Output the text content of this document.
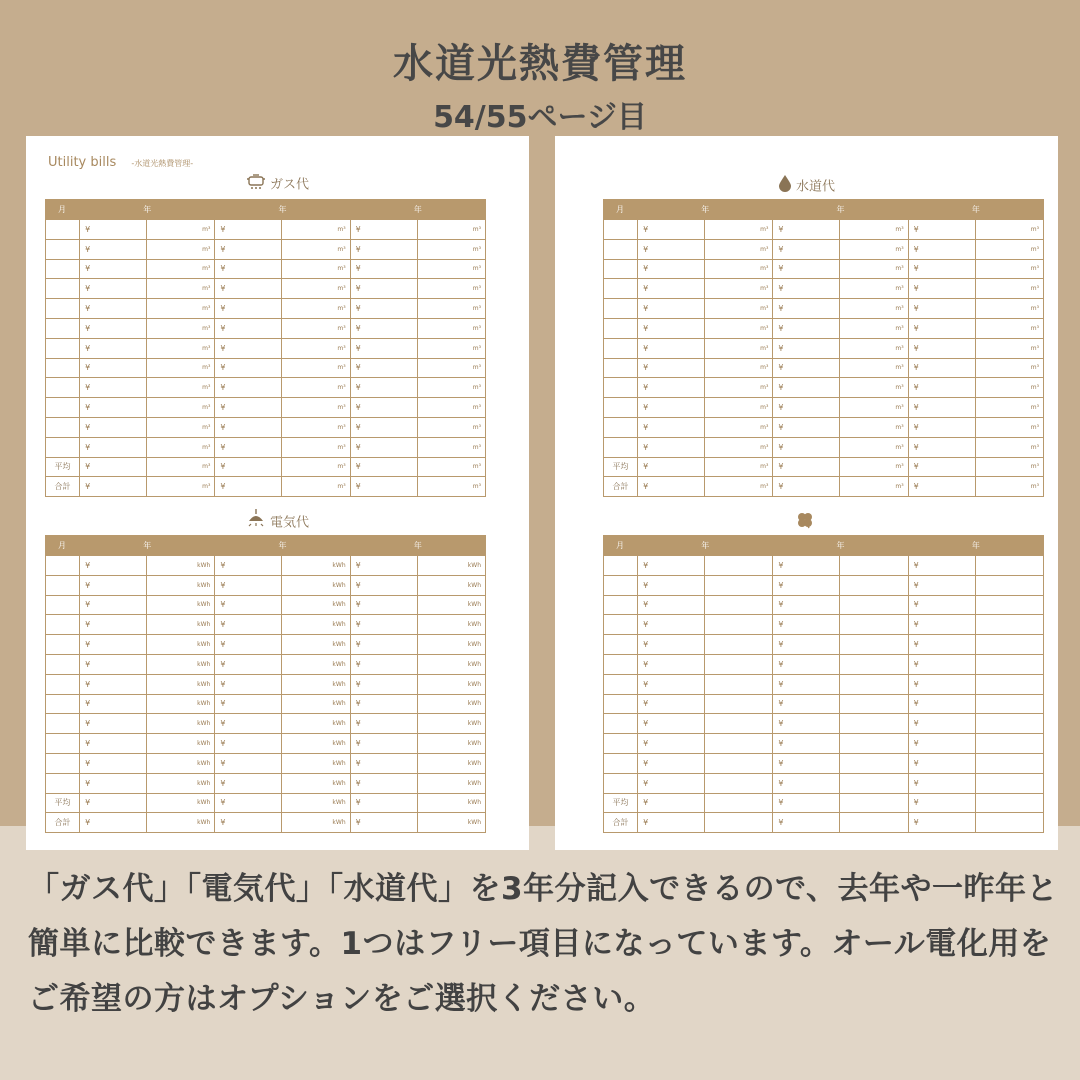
水道光熱費管理
54/55ページ目
Utility bills -水道光熱費管理-
ガス代
月	年		年		年	
	¥	m³	¥	m³	¥	m³
	¥	m³	¥	m³	¥	m³
	¥	m³	¥	m³	¥	m³
	¥	m³	¥	m³	¥	m³
	¥	m³	¥	m³	¥	m³
	¥	m³	¥	m³	¥	m³
	¥	m³	¥	m³	¥	m³
	¥	m³	¥	m³	¥	m³
	¥	m³	¥	m³	¥	m³
	¥	m³	¥	m³	¥	m³
	¥	m³	¥	m³	¥	m³
	¥	m³	¥	m³	¥	m³
平均	¥	m³	¥	m³	¥	m³
合計	¥	m³	¥	m³	¥	m³
電気代
月	年		年		年	
	¥	kWh	¥	kWh	¥	kWh
	¥	kWh	¥	kWh	¥	kWh
	¥	kWh	¥	kWh	¥	kWh
	¥	kWh	¥	kWh	¥	kWh
	¥	kWh	¥	kWh	¥	kWh
	¥	kWh	¥	kWh	¥	kWh
	¥	kWh	¥	kWh	¥	kWh
	¥	kWh	¥	kWh	¥	kWh
	¥	kWh	¥	kWh	¥	kWh
	¥	kWh	¥	kWh	¥	kWh
	¥	kWh	¥	kWh	¥	kWh
	¥	kWh	¥	kWh	¥	kWh
平均	¥	kWh	¥	kWh	¥	kWh
合計	¥	kWh	¥	kWh	¥	kWh
水道代
月	年		年		年	
	¥	m³	¥	m³	¥	m³
	¥	m³	¥	m³	¥	m³
	¥	m³	¥	m³	¥	m³
	¥	m³	¥	m³	¥	m³
	¥	m³	¥	m³	¥	m³
	¥	m³	¥	m³	¥	m³
	¥	m³	¥	m³	¥	m³
	¥	m³	¥	m³	¥	m³
	¥	m³	¥	m³	¥	m³
	¥	m³	¥	m³	¥	m³
	¥	m³	¥	m³	¥	m³
	¥	m³	¥	m³	¥	m³
平均	¥	m³	¥	m³	¥	m³
合計	¥	m³	¥	m³	¥	m³
月	年		年		年	
	¥		¥		¥	
	¥		¥		¥	
	¥		¥		¥	
	¥		¥		¥	
	¥		¥		¥	
	¥		¥		¥	
	¥		¥		¥	
	¥		¥		¥	
	¥		¥		¥	
	¥		¥		¥	
	¥		¥		¥	
	¥		¥		¥	
平均	¥		¥		¥	
合計	¥		¥		¥	
「ガス代」「電気代」「水道代」を3年分記入できるので、去年や一昨年と簡単に比較できます。1つはフリー項目になっています。オール電化用をご希望の方はオプションをご選択ください。
